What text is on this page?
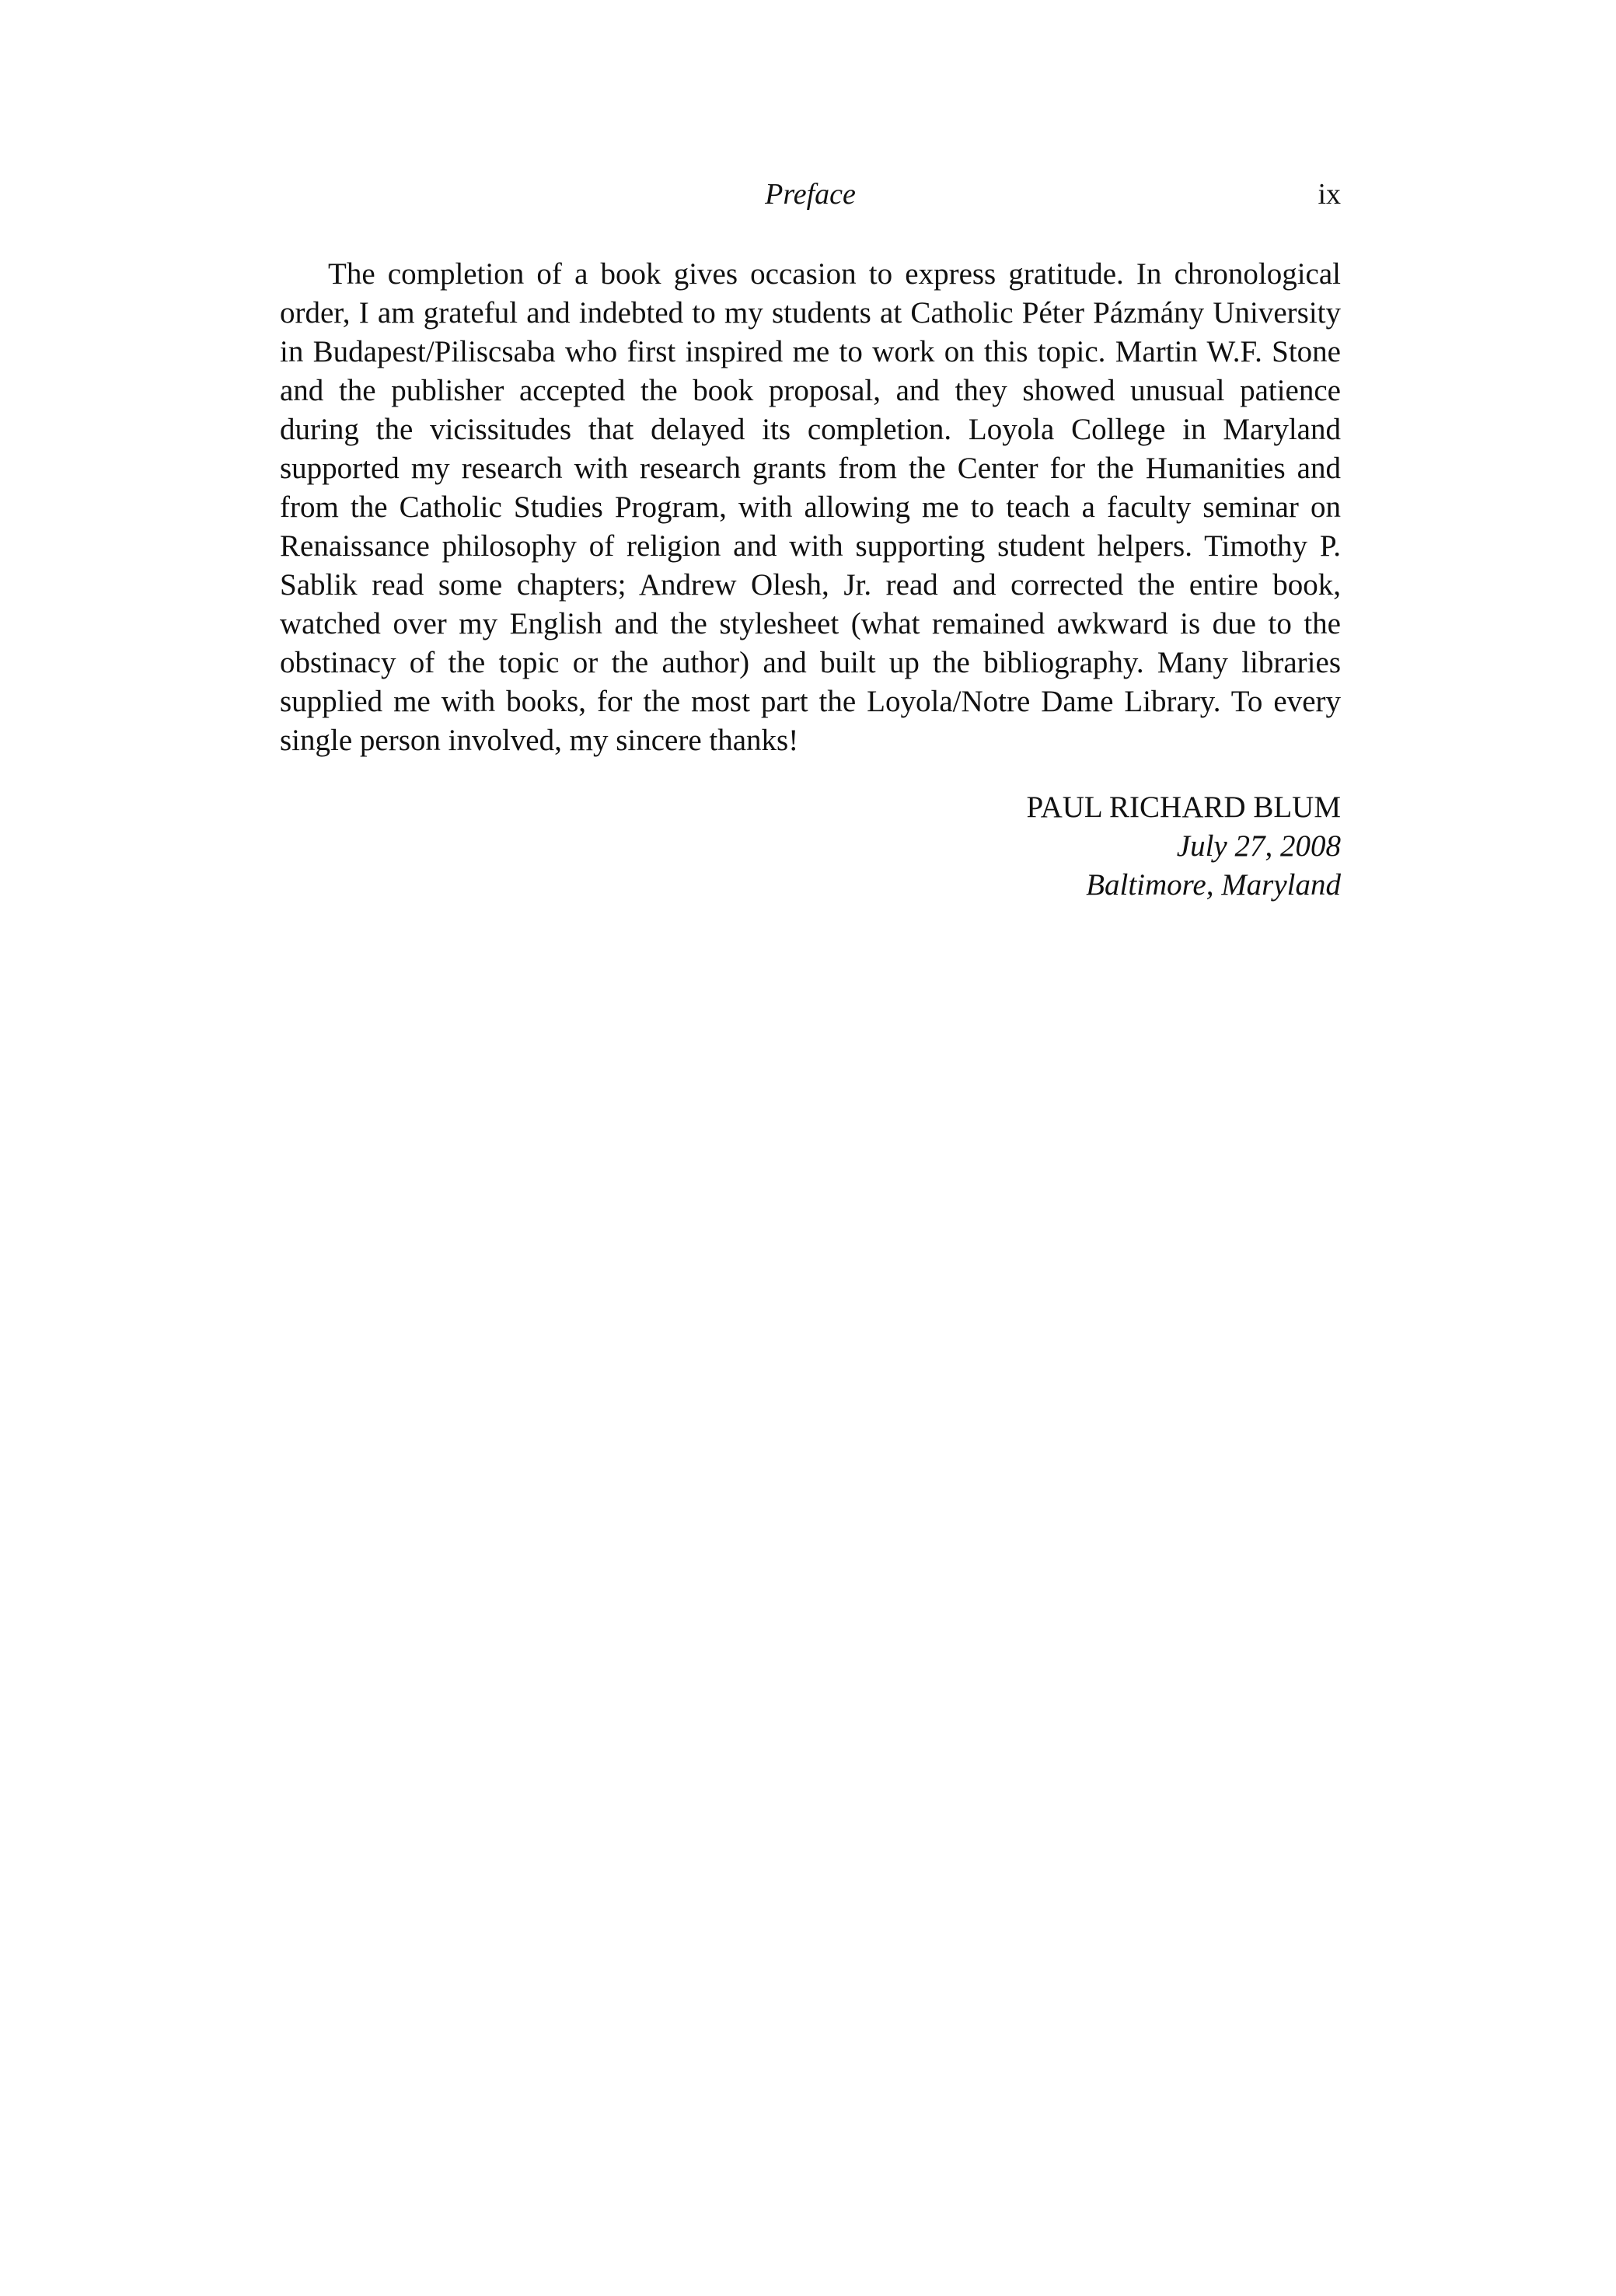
Preface	ix

The completion of a book gives occasion to express gratitude. In chronological order, I am grateful and indebted to my students at Catholic Péter Pázmány University in Budapest/Piliscsaba who first inspired me to work on this topic. Martin W.F. Stone and the publisher accepted the book proposal, and they showed unusual patience during the vicissitudes that delayed its completion. Loyola College in Maryland supported my research with research grants from the Center for the Humanities and from the Catholic Studies Program, with allowing me to teach a faculty seminar on Renaissance philosophy of religion and with supporting student helpers. Timothy P. Sablik read some chapters; Andrew Olesh, Jr. read and corrected the entire book, watched over my English and the stylesheet (what remained awkward is due to the obstinacy of the topic or the author) and built up the bibliography. Many libraries supplied me with books, for the most part the Loyola/Notre Dame Library. To every single person involved, my sincere thanks!

PAUL RICHARD BLUM
July 27, 2008
Baltimore, Maryland
